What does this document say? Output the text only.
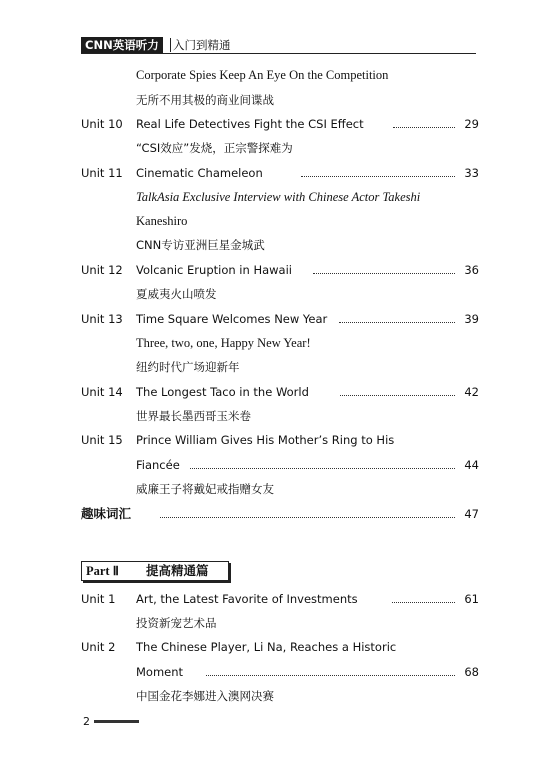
CNN英语听力	入门到精通
Corporate Spies Keep An Eye On the Competition
无所不用其极的商业间谍战
Unit 10 Real Life Detectives Fight the CSI Effect	29
“CSI效应”发烧，正宗警探难为
Unit 11 Cinematic Chameleon	33
TalkAsia Exclusive Interview with Chinese Actor Takeshi
Kaneshiro
CNN专访亚洲巨星金城武
Unit 12 Volcanic Eruption in Hawaii	36
夏威夷火山喷发
Unit 13 Time Square Welcomes New Year	39
Three, two, one, Happy New Year!
纽约时代广场迎新年
Unit 14 The Longest Taco in the World	42
世界最长墨西哥玉米卷
Unit 15 Prince William Gives His Mother’s Ring to His
Fiancée	44
威廉王子将戴妃戒指赠女友
趣味词汇	47
Part Ⅱ	提高精通篇
Unit 1 Art, the Latest Favorite of Investments	61
投资新宠艺术品
Unit 2 The Chinese Player, Li Na, Reaches a Historic
Moment	68
中国金花李娜进入澳网决赛
2
